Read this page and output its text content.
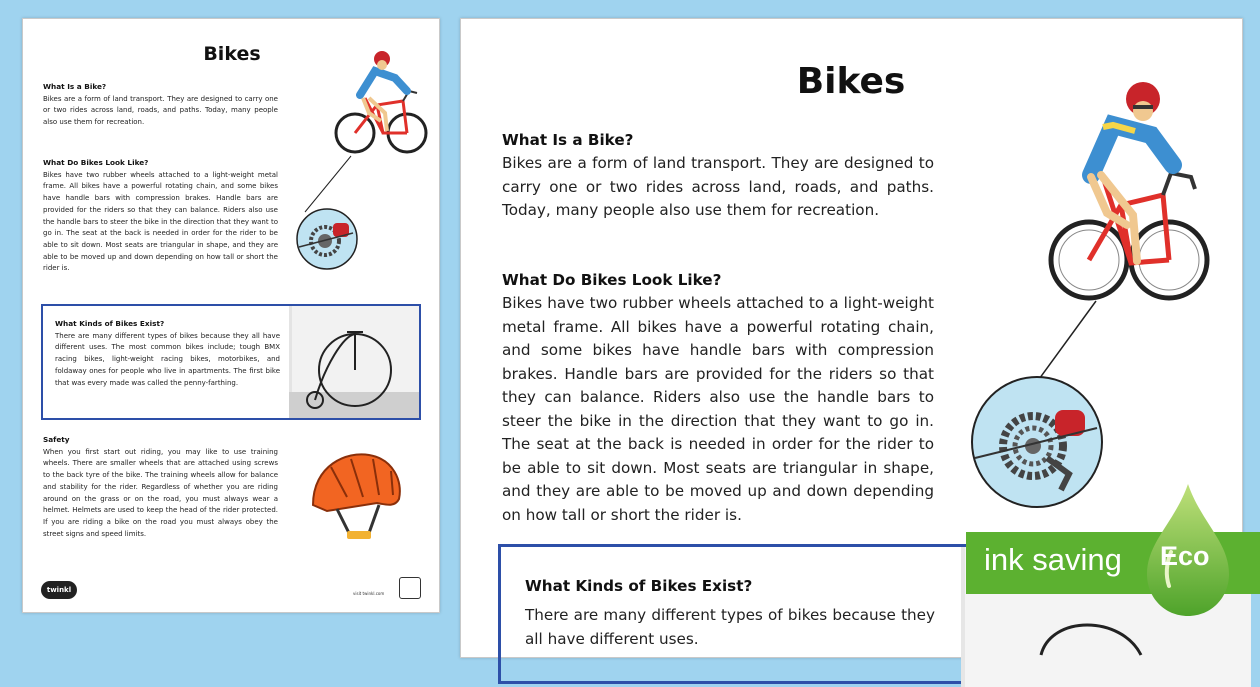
Bikes
What Is a Bike?

Bikes are a form of land transport. They are designed to carry one or two rides across land, roads, and paths. Today, many people also use them for recreation.

What Do Bikes Look Like?

Bikes have two rubber wheels attached to a light-weight metal frame. All bikes have a powerful rotating chain, and some bikes have handle bars with compression brakes. Handle bars are provided for the riders so that they can balance. Riders also use the handle bars to steer the bike in the direction that they want to go in. The seat at the back is needed in order for the rider to be able to sit down. Most seats are triangular in shape, and they are able to be moved up and down depending on how tall or short the rider is.

What Kinds of Bikes Exist?

There are many different types of bikes because they all have different uses. The most common bikes include; tough BMX racing bikes, light-weight racing bikes, motorbikes, and foldaway ones for people who live in apartments. The first bike that was every made was called the penny-farthing.

Safety

When you first start out riding, you may like to use training wheels. There are smaller wheels that are attached using screws to the back tyre of the bike. The training wheels allow for balance and stability for the rider. Regardless of whether you are riding around on the grass or on the road, you must always wear a helmet. Helmets are used to keep the head of the rider protected. If you are riding a bike on the road you must always obey the street signs and speed limits.

twinkl	visit twinkl.com
Bikes
What Is a Bike?

Bikes are a form of land transport. They are designed to carry one or two rides across land, roads, and paths. Today, many people also use them for recreation.

What Do Bikes Look Like?

Bikes have two rubber wheels attached to a light-weight metal frame. All bikes have a powerful rotating chain, and some bikes have handle bars with compression brakes. Handle bars are provided for the riders so that they can balance. Riders also use the handle bars to steer the bike in the direction that they want to go in. The seat at the back is needed in order for the rider to be able to sit down. Most seats are triangular in shape, and they are able to be moved up and down depending on how tall or short the rider is.

What Kinds of Bikes Exist?

There are many different types of bikes because they all have different uses.

ink saving Eco
